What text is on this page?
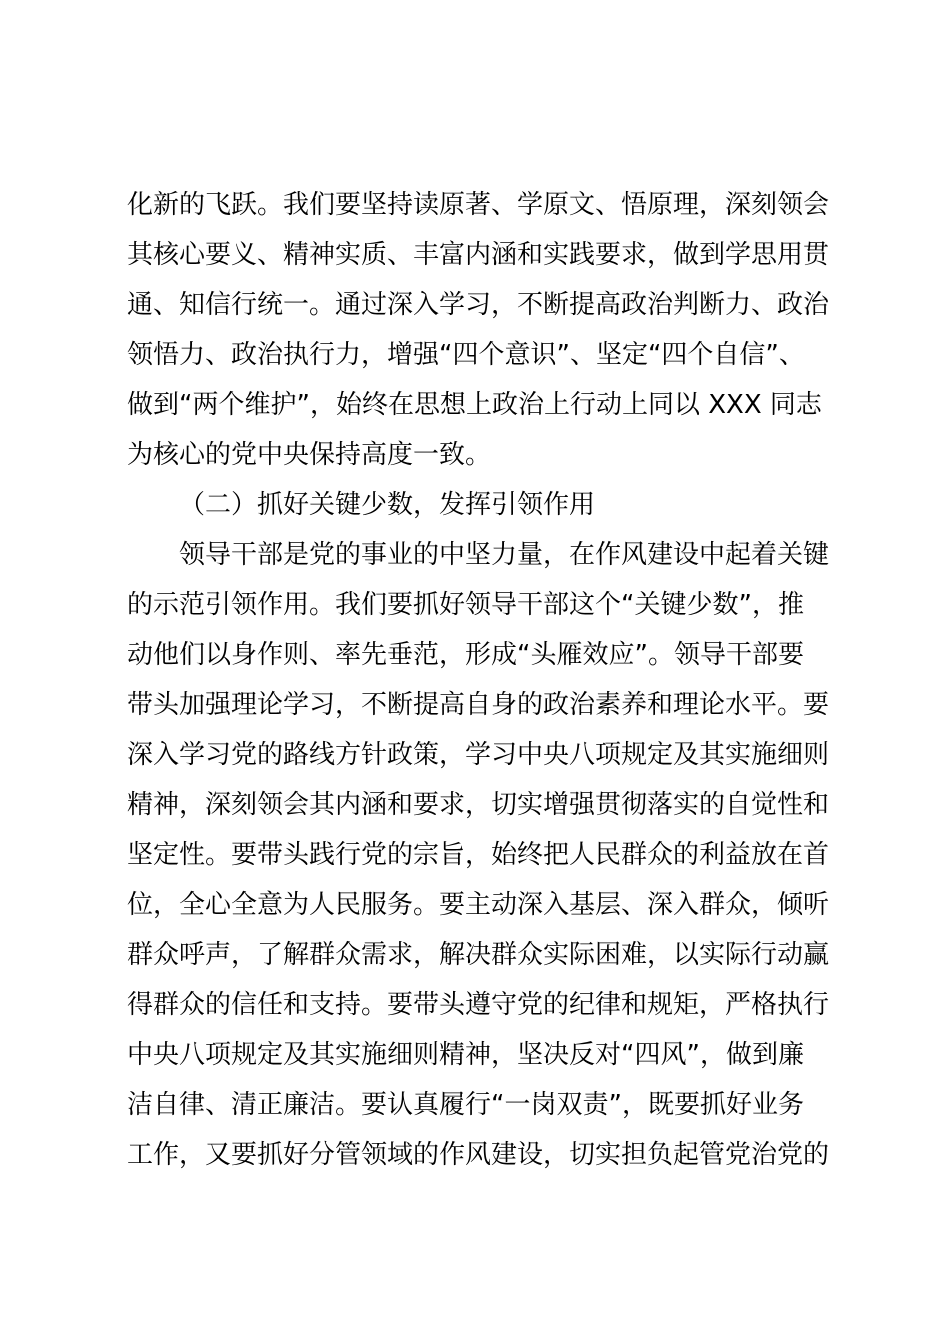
化新的飞跃。我们要坚持读原著、学原文、悟原理，深刻领会

其核心要义、精神实质、丰富内涵和实践要求，做到学思用贯

通、知信行统一。通过深入学习，不断提高政治判断力、政治

领悟力、政治执行力，增强“四个意识”、坚定“四个自信”、

做到“两个维护”，始终在思想上政治上行动上同以 XXX 同志

为核心的党中央保持高度一致。

（二）抓好关键少数，发挥引领作用

领导干部是党的事业的中坚力量，在作风建设中起着关键

的示范引领作用。我们要抓好领导干部这个“关键少数”，推

动他们以身作则、率先垂范，形成“头雁效应”。领导干部要

带头加强理论学习，不断提高自身的政治素养和理论水平。要

深入学习党的路线方针政策，学习中央八项规定及其实施细则

精神，深刻领会其内涵和要求，切实增强贯彻落实的自觉性和

坚定性。要带头践行党的宗旨，始终把人民群众的利益放在首

位，全心全意为人民服务。要主动深入基层、深入群众，倾听

群众呼声，了解群众需求，解决群众实际困难，以实际行动赢

得群众的信任和支持。要带头遵守党的纪律和规矩，严格执行

中央八项规定及其实施细则精神，坚决反对“四风”，做到廉

洁自律、清正廉洁。要认真履行“一岗双责”，既要抓好业务

工作，又要抓好分管领域的作风建设，切实担负起管党治党的
